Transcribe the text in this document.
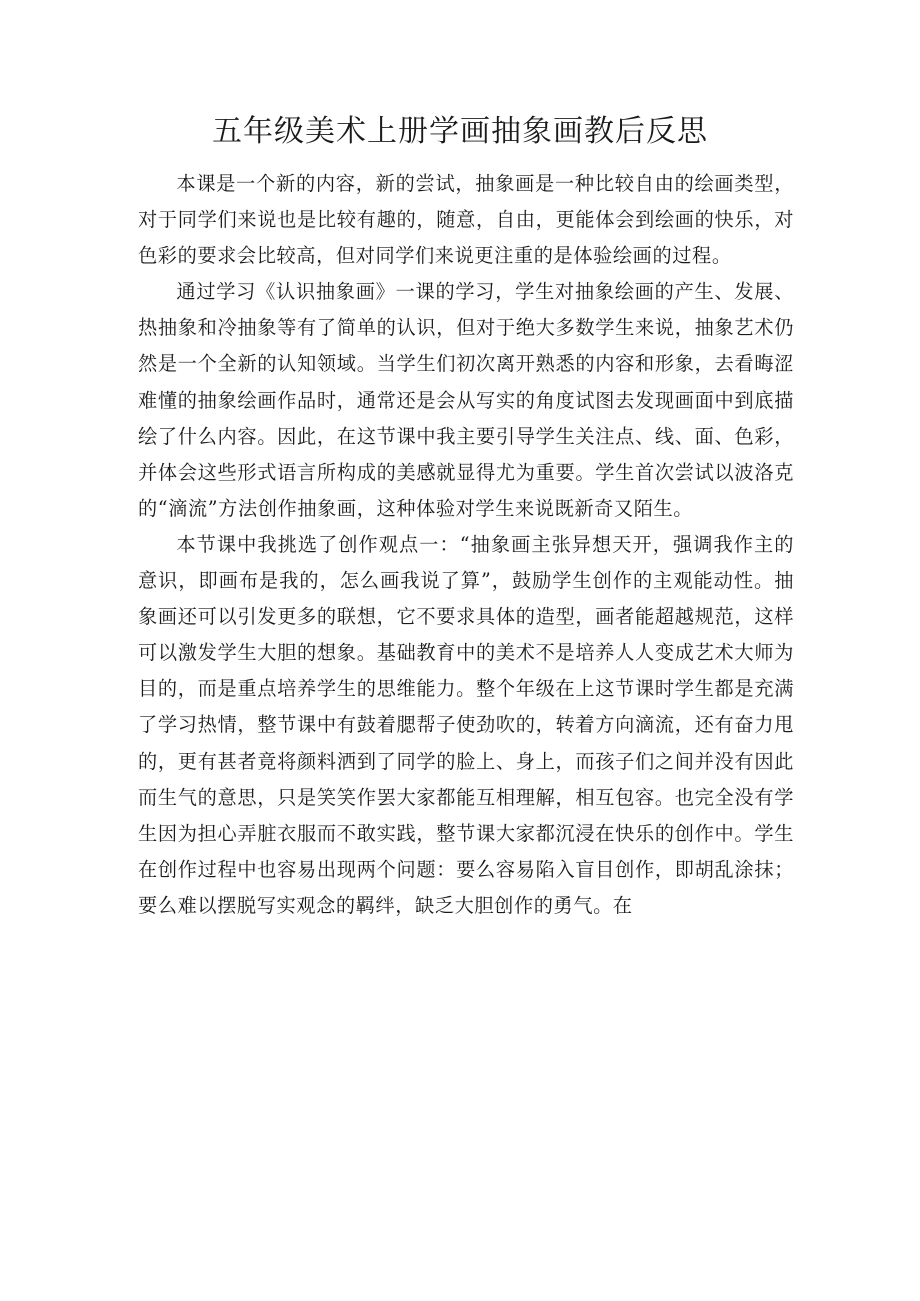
五年级美术上册学画抽象画教后反思

本课是一个新的内容，新的尝试，抽象画是一种比较自由的绘画类型，对于同学们来说也是比较有趣的，随意，自由，更能体会到绘画的快乐，对色彩的要求会比较高，但对同学们来说更注重的是体验绘画的过程。

通过学习《认识抽象画》一课的学习，学生对抽象绘画的产生、发展、热抽象和冷抽象等有了简单的认识，但对于绝大多数学生来说，抽象艺术仍然是一个全新的认知领域。当学生们初次离开熟悉的内容和形象，去看晦涩难懂的抽象绘画作品时，通常还是会从写实的角度试图去发现画面中到底描绘了什么内容。因此，在这节课中我主要引导学生关注点、线、面、色彩，并体会这些形式语言所构成的美感就显得尤为重要。学生首次尝试以波洛克的“滴流”方法创作抽象画，这种体验对学生来说既新奇又陌生。

本节课中我挑选了创作观点一：“抽象画主张异想天开，强调我作主的意识，即画布是我的，怎么画我说了算”，鼓励学生创作的主观能动性。抽象画还可以引发更多的联想，它不要求具体的造型，画者能超越规范，这样可以激发学生大胆的想象。基础教育中的美术不是培养人人变成艺术大师为目的，而是重点培养学生的思维能力。整个年级在上这节课时学生都是充满了学习热情，整节课中有鼓着腮帮子使劲吹的，转着方向滴流，还有奋力甩的，更有甚者竟将颜料洒到了同学的脸上、身上，而孩子们之间并没有因此而生气的意思，只是笑笑作罢大家都能互相理解，相互包容。也完全没有学生因为担心弄脏衣服而不敢实践，整节课大家都沉浸在快乐的创作中。学生在创作过程中也容易出现两个问题：要么容易陷入盲目创作，即胡乱涂抹；要么难以摆脱写实观念的羁绊，缺乏大胆创作的勇气。在
